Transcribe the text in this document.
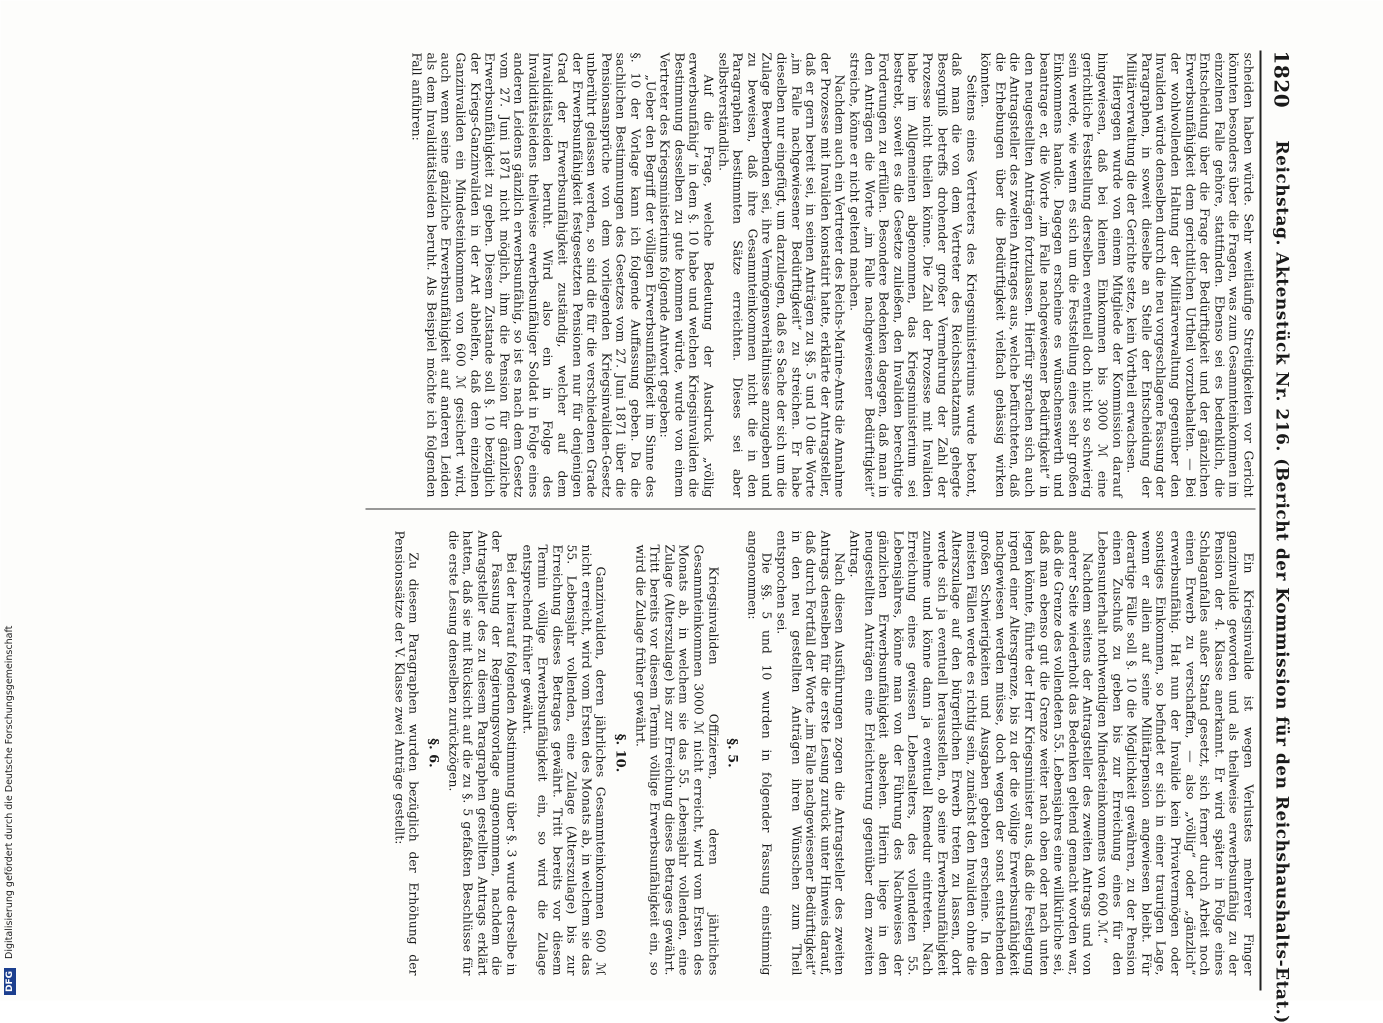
1820
Reichstag. Aktenstück Nr. 216. (Bericht der Kommission für den Reichshaushalts-Etat.)

scheiden haben würde. Sehr weitläufige Streitigkeiten vor Gericht könnten besonders über die Fragen, was zum Gesammteinkommen im einzelnen Falle gehöre, stattfinden. Ebenso sei es bedenklich, die Entscheidung über die Frage der Bedürftigkeit und der gänzlichen Erwerbsunfähigkeit dem gerichtlichen Urtheil vorzubehalten. — Bei der wohlwollenden Haltung der Militärverwaltung gegenüber den Invaliden würde denselben durch die neu vorgeschlagene Fassung der Paragraphen, in soweit dieselbe an Stelle der Entscheidung der Militärverwaltung die der Gerichte setze, kein Vortheil erwachsen.

Hiergegen wurde von einem Mitgliede der Kommission darauf hingewiesen, daß bei kleinen Einkommen bis 3000 ℳ eine gerichtliche Feststellung derselben eventuell doch nicht so schwierig sein werde, wie wenn es sich um die Feststellung eines sehr großen Einkommens handle. Dagegen erscheine es wünschenswerth und beantrage er, die Worte „im Falle nachgewiesener Bedürftigkeit“ in den neugestellten Anträgen fortzulassen. Hierfür sprachen sich auch die Antragsteller des zweiten Antrages aus, welche befürchteten, daß die Erhebungen über die Bedürftigkeit vielfach gehässig wirken könnten.

Seitens eines Vertreters des Kriegsministeriums wurde betont, daß man die von dem Vertreter des Reichsschatzamts gehegte Besorgniß betreffs drohender großer Vermehrung der Zahl der Prozesse nicht theilen könne. Die Zahl der Prozesse mit Invaliden habe im Allgemeinen abgenommen, das Kriegsministerium sei bestrebt, soweit es die Gesetze zuließen, den Invaliden berechtigte Forderungen zu erfüllen. Besondere Bedenken dagegen, daß man in den Anträgen die Worte „im Falle nachgewiesener Bedürftigkeit“ streiche, könne er nicht geltend machen.

Nachdem auch ein Vertreter des Reichs-Marine-Amts die Annahme der Prozesse mit Invaliden konstatirt hatte, erklärte der Antragsteller, daß er gern bereit sei, in seinen Anträgen zu §§. 5 und 10 die Worte „im Falle nachgewiesener Bedürftigkeit“ zu streichen. Er habe dieselben nur eingefügt, um darzulegen, daß es Sache der sich um die Zulage Bewerbenden sei, ihre Vermögensverhältnisse anzugeben und zu beweisen, daß ihre Gesammteinkommen nicht die in den Paragraphen bestimmten Sätze erreichten. Dieses sei aber selbstverständlich.

Auf die Frage, welche Bedeutung der Ausdruck „völlig erwerbsunfähig“ in dem §. 10 habe und welchen Kriegsinvaliden die Bestimmung desselben zu gute kommen würde, wurde von einem Vertreter des Kriegsministeriums folgende Antwort gegeben:

„Ueber den Begriff der völligen Erwerbsunfähigkeit im Sinne des §. 10 der Vorlage kann ich folgende Auffassung geben. Da die sachlichen Bestimmungen des Gesetzes vom 27. Juni 1871 über die Pensionsansprüche von dem vorliegenden Kriegsinvaliden-Gesetz unberührt gelassen werden, so sind die für die verschiedenen Grade der Erwerbsunfähigkeit festgesetzten Pensionen nur für denjenigen Grad der Erwerbsunfähigkeit zuständig, welcher auf dem Invaliditätsleiden beruht. Wird also ein in Folge des Invaliditätsleidens theilweise erwerbsunfähiger Soldat in Folge eines anderen Leidens gänzlich erwerbsunfähig, so ist es nach dem Gesetz vom 27. Juni 1871 nicht möglich, ihm die Pension für gänzliche Erwerbsunfähigkeit zu geben. Diesem Zustande soll §. 10 bezüglich der Kriegs-Ganzinvaliden in der Art abhelfen, daß dem einzelnen Ganzinvaliden ein Mindesteinkommen von 600 ℳ gesichert wird, auch wenn seine gänzliche Erwerbsunfähigkeit auf anderen Leiden als dem Invaliditätsleiden beruht. Als Beispiel möchte ich folgenden Fall anführen:

Ein Kriegsinvalide ist wegen Verlustes mehrerer Finger ganzinvalide geworden und als theilweise erwerbsunfähig zu der Pension der 4. Klasse anerkannt. Er wird später in Folge eines Schlaganfalles außer Stand gesetzt, sich ferner durch Arbeit noch einen Erwerb zu verschaffen, — also „völlig“ oder „gänzlich“ erwerbsunfähig. Hat nun der Invalide kein Privatvermögen oder sonstiges Einkommen, so befindet er sich in einer traurigen Lage, wenn er allein auf seine Militärpension angewiesen bleibt. Für derartige Fälle soll §. 10 die Möglichkeit gewähren, zu der Pension einen Zuschuß zu geben bis zur Erreichung eines für den Lebensunterhalt nothwendigen Mindesteinkommens von 600 ℳ.“

Nachdem seitens der Antragsteller des zweiten Antrags und von anderer Seite wiederholt das Bedenken geltend gemacht worden war, daß die Grenze des vollendeten 55. Lebensjahres eine willkürliche sei, daß man ebenso gut die Grenze weiter nach oben oder nach unten legen könnte, führte der Herr Kriegsminister aus, daß die Festlegung irgend einer Altersgrenze, bis zu der die völlige Erwerbsunfähigkeit nachgewiesen werden müsse, doch wegen der sonst entstehenden großen Schwierigkeiten und Ausgaben geboten erscheine. In den meisten Fällen werde es richtig sein, zunächst den Invaliden ohne die Alterszulage auf den bürgerlichen Erwerb treten zu lassen, dort werde sich ja eventuell herausstellen, ob seine Erwerbsunfähigkeit zunehme und könne dann ja eventuell Remedur eintreten. Nach Erreichung eines gewissen Lebensalters, des vollendeten 55. Lebensjahres, könne man von der Führung des Nachweises der gänzlichen Erwerbsunfähigkeit absehen. Hierin liege in den neugestellten Anträgen eine Erleichterung gegenüber dem zweiten Antrag.

Nach diesen Ausführungen zogen die Antragsteller des zweiten Antrags denselben für die erste Lesung zurück unter Hinweis darauf, daß durch Fortfall der Worte „im Falle nachgewiesener Bedürftigkeit“ in den neu gestellten Anträgen ihren Wünschen zum Theil entsprochen sei.

Die §§. 5 und 10 wurden in folgender Fassung einstimmig angenommen:

§. 5.

Kriegsinvaliden Offizieren, deren jährliches Gesammteinkommen 3000 ℳ nicht erreicht, wird vom Ersten des Monats ab, in welchem sie das 55. Lebensjahr vollenden, eine Zulage (Alterszulage) bis zur Erreichung dieses Betrages gewährt. Tritt bereits vor diesem Termin völlige Erwerbsunfähigkeit ein, so wird die Zulage früher gewährt.

§. 10.

Ganzinvaliden, deren jährliches Gesammteinkommen 600 ℳ nicht erreicht, wird vom Ersten des Monats ab, in welchem sie das 55. Lebensjahr vollenden, eine Zulage (Alterszulage) bis zur Erreichung dieses Betrages gewährt. Tritt bereits vor diesem Termin völlige Erwerbsunfähigkeit ein, so wird die Zulage entsprechend früher gewährt.

Bei der hierauf folgenden Abstimmung über §. 3 wurde derselbe in der Fassung der Regierungsvorlage angenommen, nachdem die Antragsteller des zu diesem Paragraphen gestellten Antrags erklärt hatten, daß sie mit Rücksicht auf die zu §. 5 gefaßten Beschlüsse für die erste Lesung denselben zurückzögen.

§. 6.

Zu diesem Paragraphen wurden bezüglich der Erhöhung der Pensionssätze der V. Klasse zwei Anträge gestellt:

DFG Digitalisierung gefördert durch die Deutsche Forschungsgemeinschaft
